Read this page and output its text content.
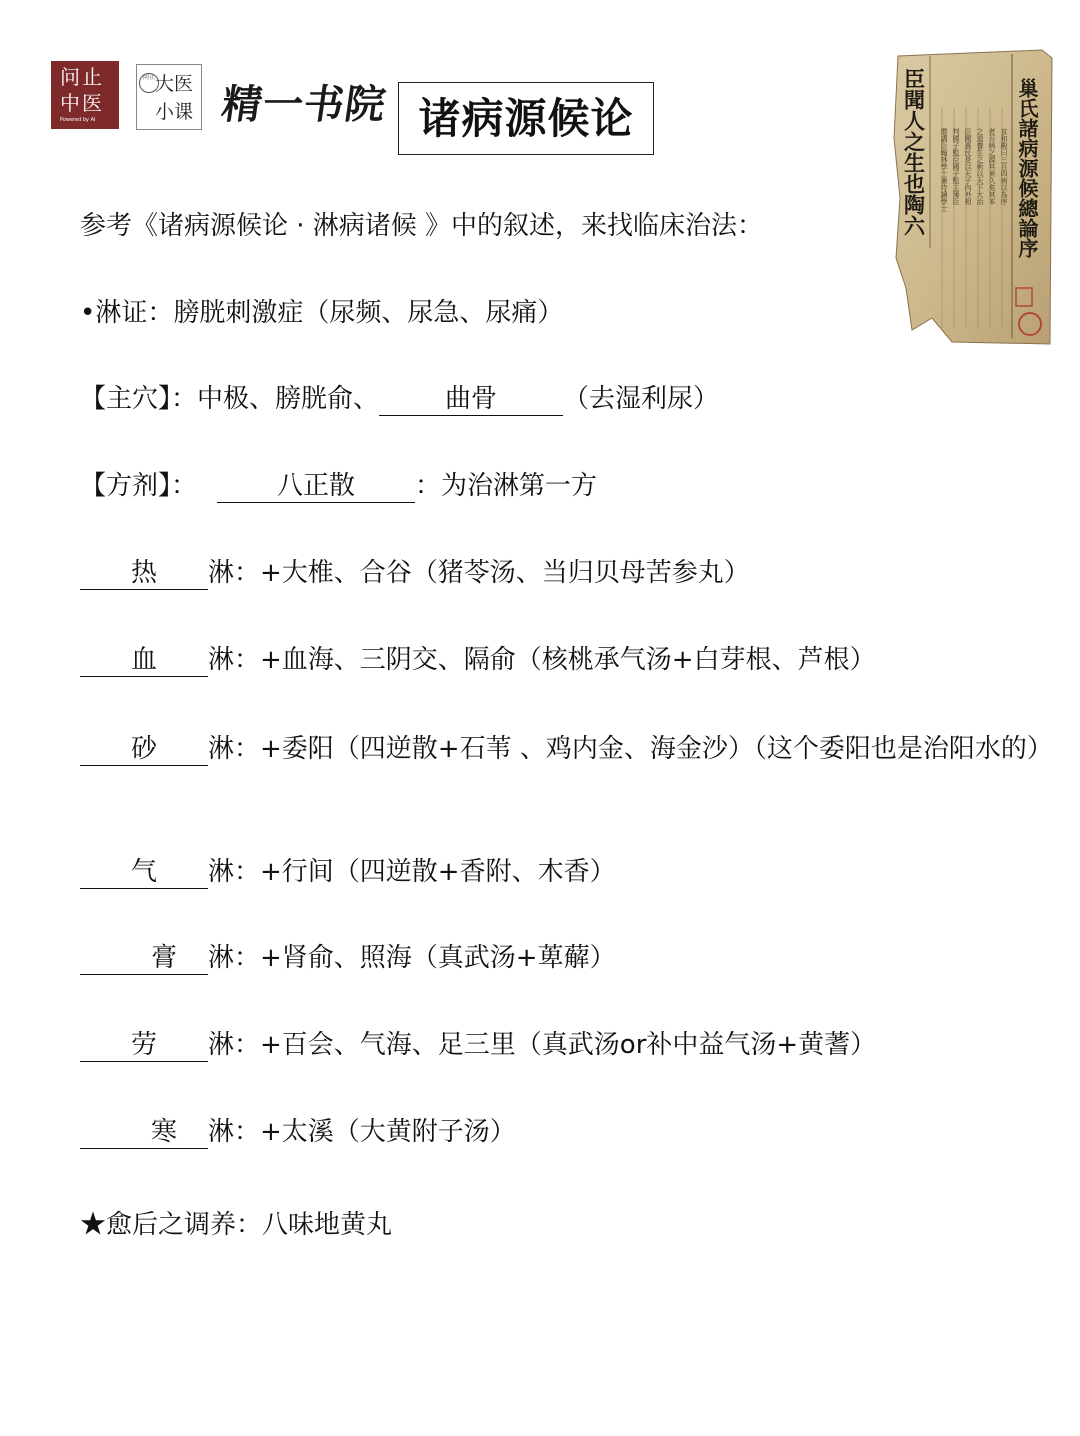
问止
中医
Powered by AI
问止 大医
小课 精一书院 诸病源候论	巢氏諸病源候總論序
臣聞人之生也陶六 禦講臣翰林學士兼侍讀學士 判國子監臣國子監主簿臣 臣聞惠民是以天子內外相 之道養生之術以天下大治 者百病之源其來久矣其本 宣和殿曰三百四病以為序
参考《诸病源候论 · 淋病诸候 》中的叙述，来找临床治法：
•淋证：膀胱刺激症（尿频、尿急、尿痛）
【主穴】：中极、膀胱俞、	曲骨	（去湿利尿）
【方剂】：	八正散 ：为治淋第一方
热 淋：+大椎、合谷（猪苓汤、当归贝母苦参丸）
血 淋：+血海、三阴交、隔俞（核桃承气汤+白芽根、芦根）
砂 淋：+委阳（四逆散+石苇 、鸡内金、海金沙）（这个委阳也是治阳水的）
气 淋：+行间（四逆散+香附、木香）
膏 淋：+肾俞、照海（真武汤+萆薢）
劳 淋：+百会、气海、足三里（真武汤or补中益气汤+黄蓍）
寒 淋：+太溪（大黄附子汤）
★愈后之调养：八味地黄丸
